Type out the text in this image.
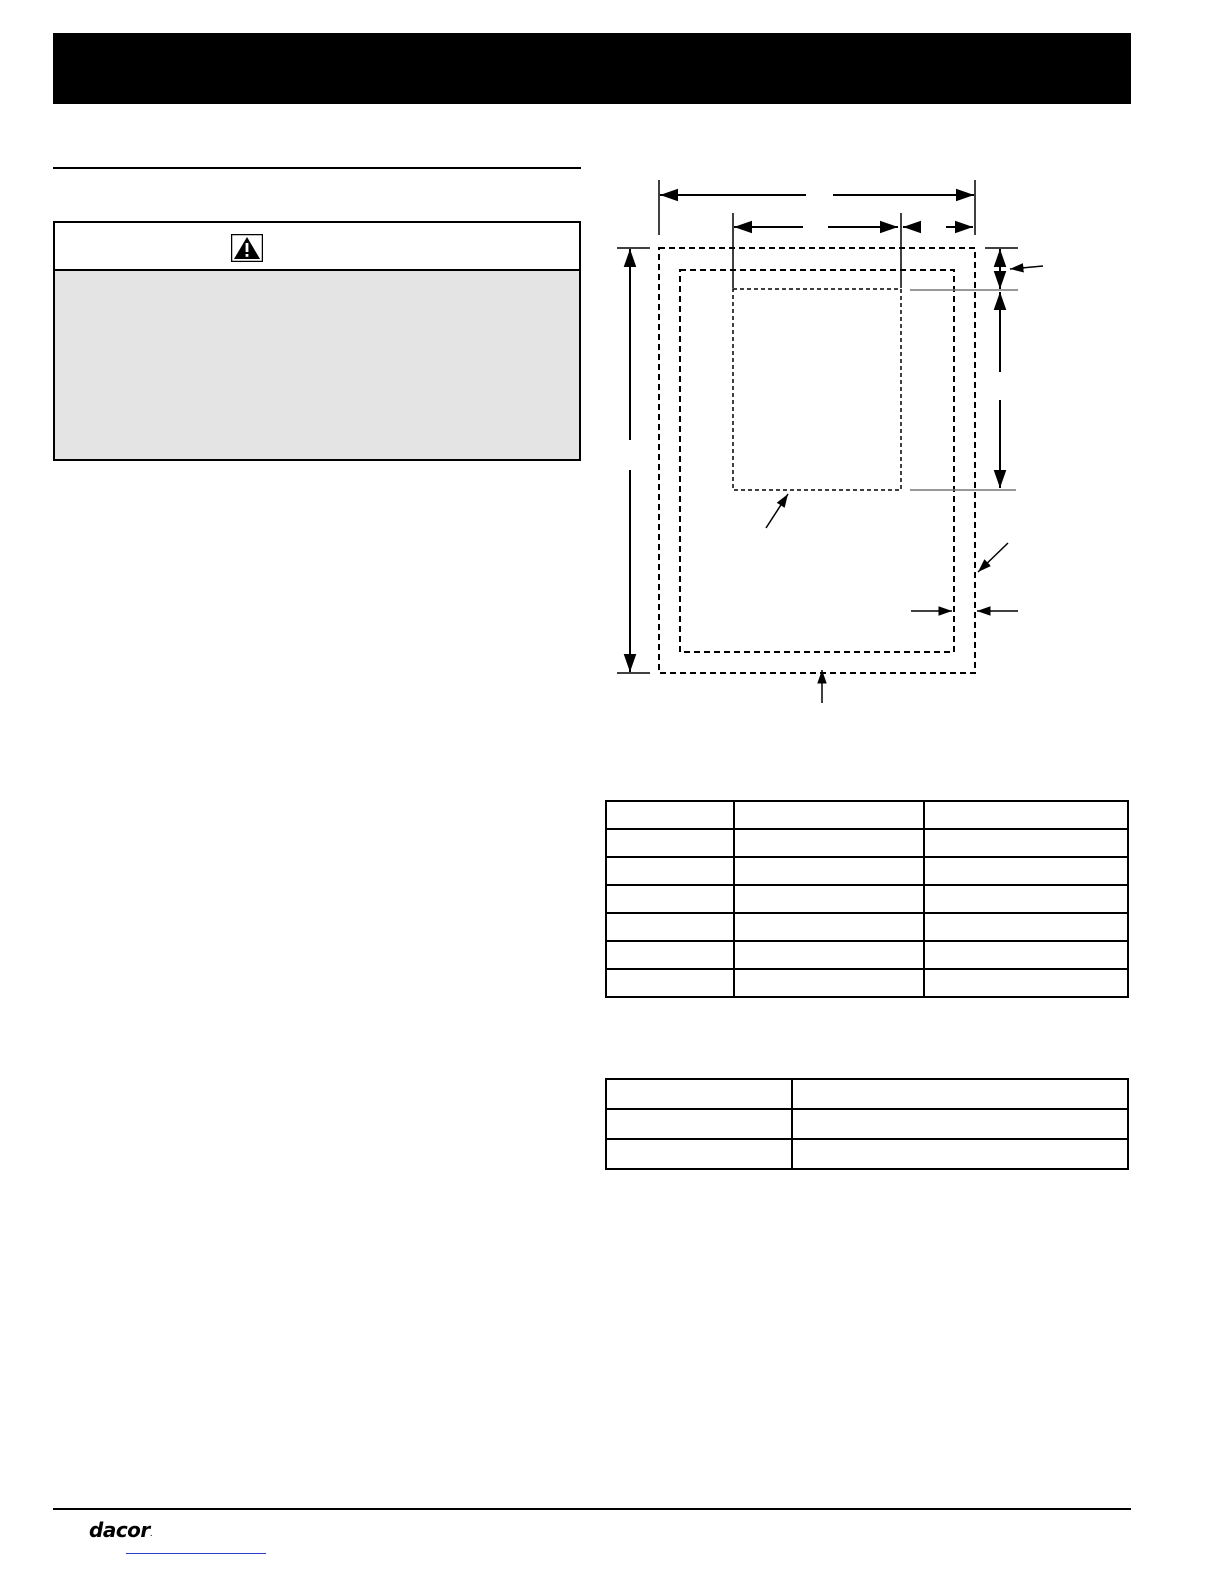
dacor.
